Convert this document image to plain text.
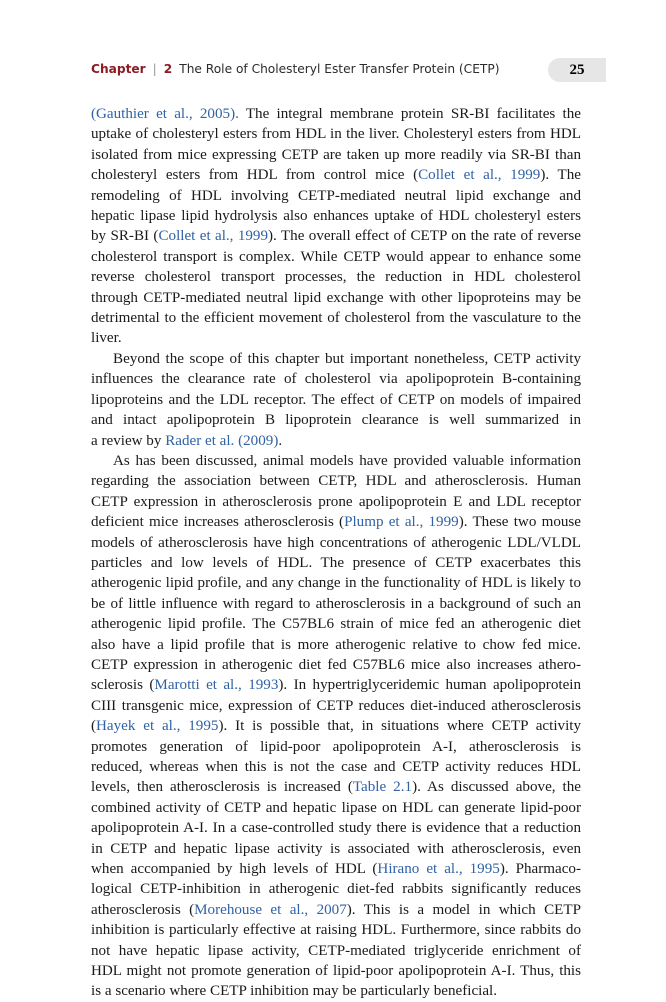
Chapter | 2 The Role of Cholesteryl Ester Transfer Protein (CETP)	25
(Gauthier et al., 2005). The integral membrane protein SR-BI facilitates the
uptake of cholesteryl esters from HDL in the liver. Cholesteryl esters from HDL
isolated from mice expressing CETP are taken up more readily via SR-BI than
cholesteryl esters from HDL from control mice (Collet et al., 1999). The
remodeling of HDL involving CETP-mediated neutral lipid exchange and
hepatic lipase lipid hydrolysis also enhances uptake of HDL cholesteryl esters
by SR-BI (Collet et al., 1999). The overall effect of CETP on the rate of reverse
cholesterol transport is complex. While CETP would appear to enhance some
reverse cholesterol transport processes, the reduction in HDL cholesterol
through CETP-mediated neutral lipid exchange with other lipoproteins may be
detrimental to the efficient movement of cholesterol from the vasculature to the
liver.
Beyond the scope of this chapter but important nonetheless, CETP activity
influences the clearance rate of cholesterol via apolipoprotein B-containing
lipoproteins and the LDL receptor. The effect of CETP on models of impaired
and intact apolipoprotein B lipoprotein clearance is well summarized in
a review by Rader et al. (2009).
As has been discussed, animal models have provided valuable information
regarding the association between CETP, HDL and atherosclerosis. Human
CETP expression in atherosclerosis prone apolipoprotein E and LDL receptor
deficient mice increases atherosclerosis (Plump et al., 1999). These two mouse
models of atherosclerosis have high concentrations of atherogenic LDL/VLDL
particles and low levels of HDL. The presence of CETP exacerbates this
atherogenic lipid profile, and any change in the functionality of HDL is likely to
be of little influence with regard to atherosclerosis in a background of such an
atherogenic lipid profile. The C57BL6 strain of mice fed an atherogenic diet
also have a lipid profile that is more atherogenic relative to chow fed mice.
CETP expression in atherogenic diet fed C57BL6 mice also increases athero-
sclerosis (Marotti et al., 1993). In hypertriglyceridemic human apolipoprotein
CIII transgenic mice, expression of CETP reduces diet-induced atherosclerosis
(Hayek et al., 1995). It is possible that, in situations where CETP activity
promotes generation of lipid-poor apolipoprotein A-I, atherosclerosis is
reduced, whereas when this is not the case and CETP activity reduces HDL
levels, then atherosclerosis is increased (Table 2.1). As discussed above, the
combined activity of CETP and hepatic lipase on HDL can generate lipid-poor
apolipoprotein A-I. In a case-controlled study there is evidence that a reduction
in CETP and hepatic lipase activity is associated with atherosclerosis, even
when accompanied by high levels of HDL (Hirano et al., 1995). Pharmaco-
logical CETP-inhibition in atherogenic diet-fed rabbits significantly reduces
atherosclerosis (Morehouse et al., 2007). This is a model in which CETP
inhibition is particularly effective at raising HDL. Furthermore, since rabbits do
not have hepatic lipase activity, CETP-mediated triglyceride enrichment of
HDL might not promote generation of lipid-poor apolipoprotein A-I. Thus, this
is a scenario where CETP inhibition may be particularly beneficial.
